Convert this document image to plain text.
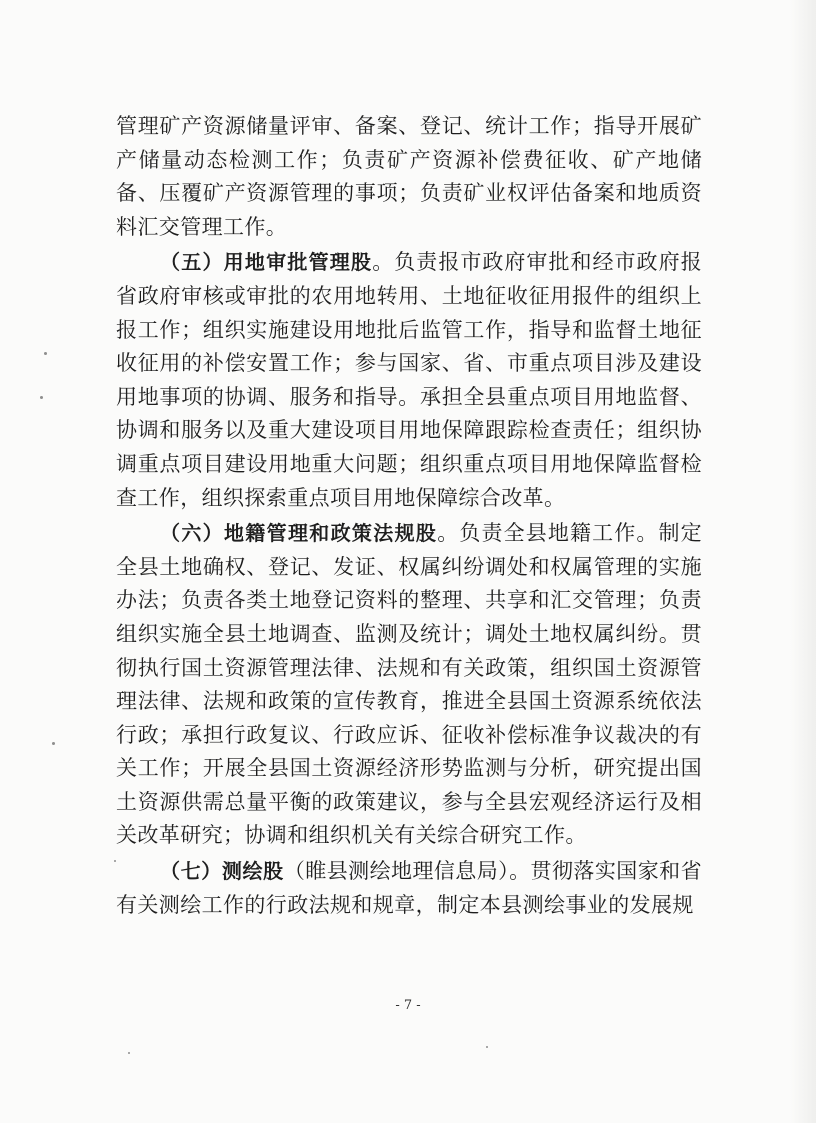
管理矿产资源储量评审、备案、登记、统计工作；指导开展矿产储量动态检测工作；负责矿产资源补偿费征收、矿产地储备、压覆矿产资源管理的事项；负责矿业权评估备案和地质资料汇交管理工作。

（五）用地审批管理股。负责报市政府审批和经市政府报省政府审核或审批的农用地转用、土地征收征用报件的组织上报工作；组织实施建设用地批后监管工作，指导和监督土地征收征用的补偿安置工作；参与国家、省、市重点项目涉及建设用地事项的协调、服务和指导。承担全县重点项目用地监督、协调和服务以及重大建设项目用地保障跟踪检查责任；组织协调重点项目建设用地重大问题；组织重点项目用地保障监督检查工作，组织探索重点项目用地保障综合改革。

（六）地籍管理和政策法规股。负责全县地籍工作。制定全县土地确权、登记、发证、权属纠纷调处和权属管理的实施办法；负责各类土地登记资料的整理、共享和汇交管理；负责组织实施全县土地调查、监测及统计；调处土地权属纠纷。贯彻执行国土资源管理法律、法规和有关政策，组织国土资源管理法律、法规和政策的宣传教育，推进全县国土资源系统依法行政；承担行政复议、行政应诉、征收补偿标准争议裁决的有关工作；开展全县国土资源经济形势监测与分析，研究提出国土资源供需总量平衡的政策建议，参与全县宏观经济运行及相关改革研究；协调和组织机关有关综合研究工作。

（七）测绘股（睢县测绘地理信息局）。贯彻落实国家和省有关测绘工作的行政法规和规章，制定本县测绘事业的发展规

- 7 -
